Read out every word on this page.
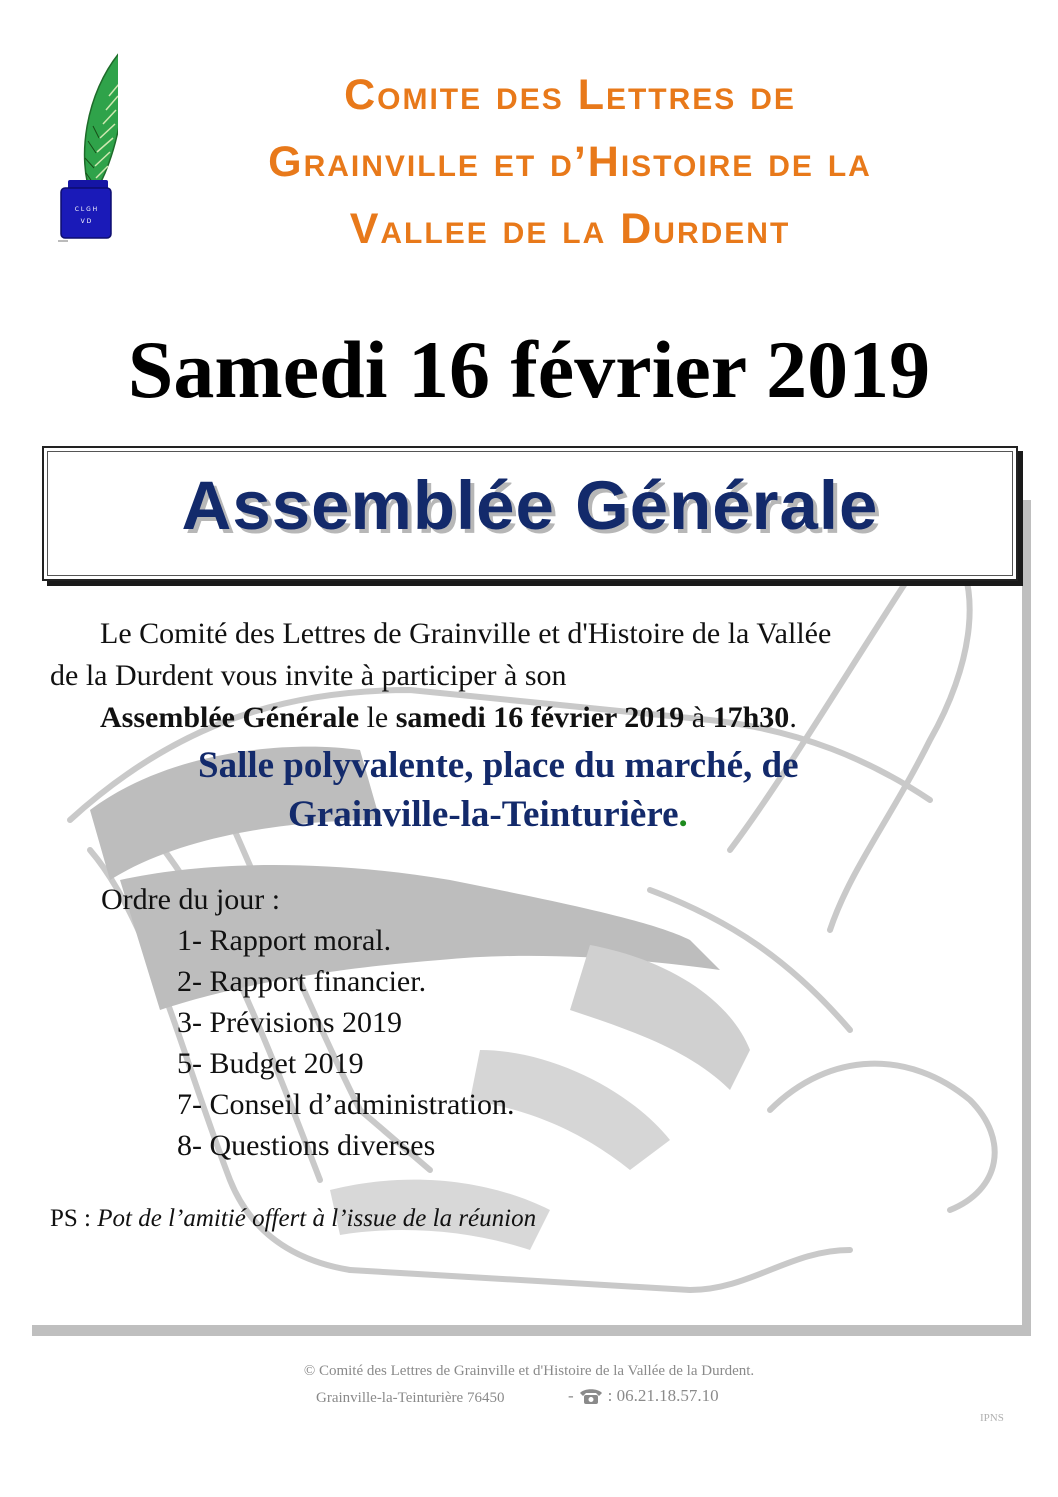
C L G H
V D
Comite des Lettres de
Grainville et d’Histoire de la
Vallee de la Durdent
Samedi 16 février 2019
Assemblée Générale
Le Comité des Lettres de Grainville et d'Histoire de la Vallée
de la Durdent vous invite à participer à son
Assemblée Générale le samedi 16 février 2019 à 17h30.
Salle polyvalente, place du marché, de
Grainville-la-Teinturière.
Ordre du jour :
1- Rapport moral.
2- Rapport financier.
3- Prévisions 2019
5- Budget 2019
7- Conseil d’administration.
8- Questions diverses
PS : Pot de l’amitié offert à l’issue de la réunion
© Comité des Lettres de Grainville et d'Histoire de la Vallée de la Durdent.
Grainville-la-Teinturière 76450	- : 06.21.18.57.10
IPNS
